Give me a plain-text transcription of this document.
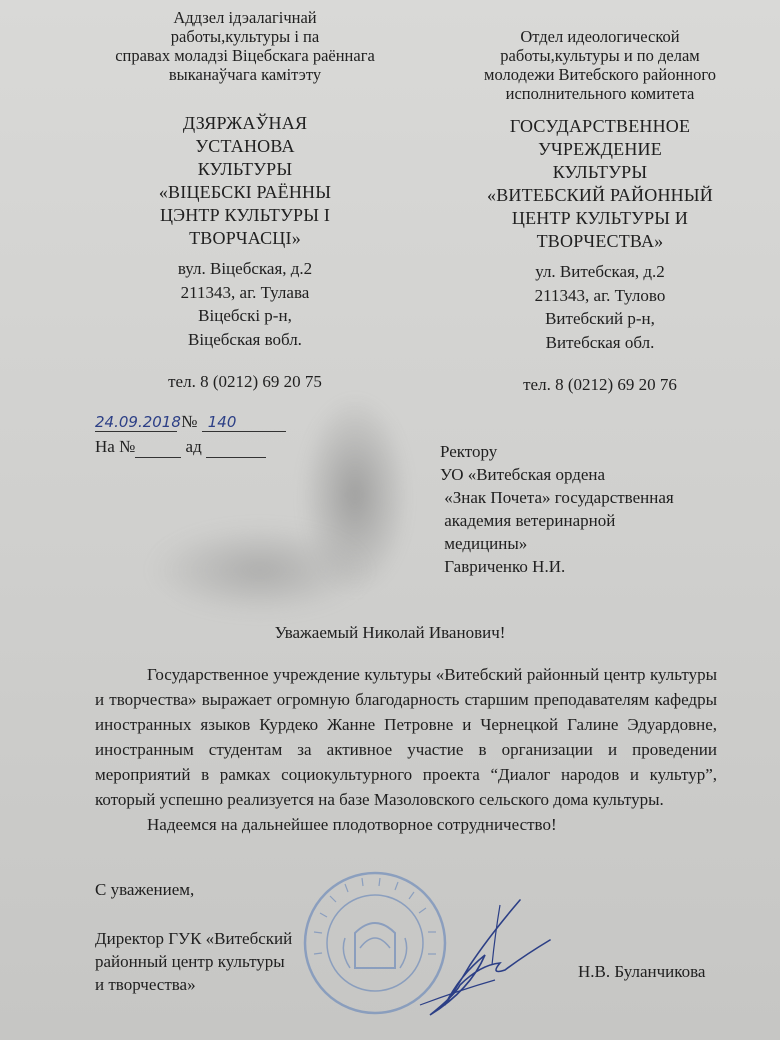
Аддзел ідэалагічнай
работы,культуры і па
справах моладзі Віцебскага раённага
выканаўчага камітэту
ДЗЯРЖАЎНАЯ
УСТАНОВА
КУЛЬТУРЫ
«ВІЦЕБСКІ РАЁННЫ
ЦЭНТР КУЛЬТУРЫ І
ТВОРЧАСЦІ»
вул. Віцебская, д.2
211343, аг. Тулава
Віцебскі р-н,
Віцебская вобл.
тел. 8 (0212) 69 20 75
Отдел идеологической
работы,культуры и по делам
молодежи Витебского районного
исполнительного комитета
ГОСУДАРСТВЕННОЕ
УЧРЕЖДЕНИЕ
КУЛЬТУРЫ
«ВИТЕБСКИЙ РАЙОННЫЙ
ЦЕНТР КУЛЬТУРЫ И
ТВОРЧЕСТВА»
ул. Витебская, д.2
211343, аг. Тулово
Витебский р-н,
Витебская обл.
тел. 8 (0212) 69 20 76
24.09.2018 № 140
На №	ад	Ректору
УО «Витебская ордена
«Знак Почета» государственная
академия ветеринарной
медицины»
Гавриченко Н.И.
Уважаемый Николай Иванович!

Государственное учреждение культуры «Витебский районный центр культуры и творчества» выражает огромную благодарность старшим преподавателям кафедры иностранных языков Курдеко Жанне Петровне и Чернецкой Галине Эдуардовне, иностранным студентам за активное участие в организации и проведении мероприятий в рамках социокультурного проекта “Диалог народов и культур”, который успешно реализуется на базе Мазоловского сельского дома культуры.

Надеемся на дальнейшее плодотворное сотрудничество!

С уважением,
Директор ГУК «Витебский
районный центр культуры
и творчества»
Н.В. Буланчикова
